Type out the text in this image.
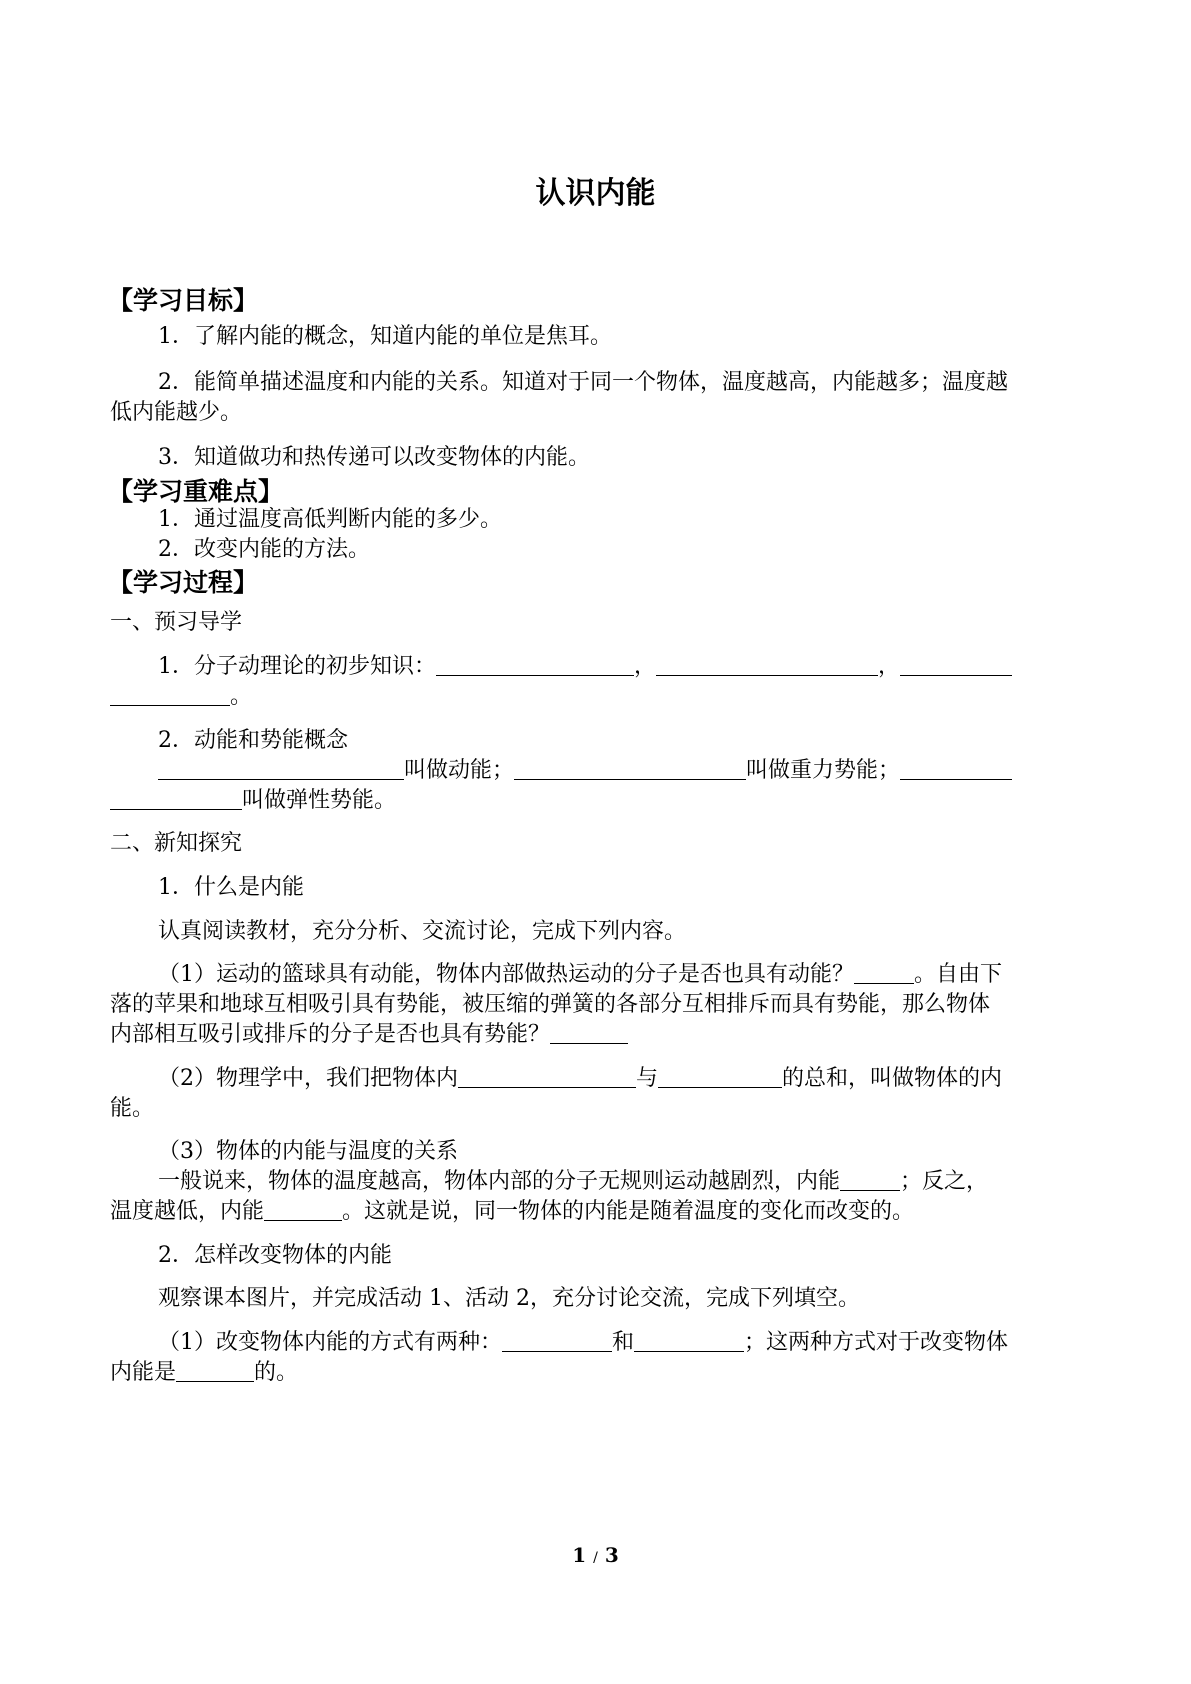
认识内能
【学习目标】
1．了解内能的概念，知道内能的单位是焦耳。
2．能简单描述温度和内能的关系。知道对于同一个物体，温度越高，内能越多；温度越
低内能越少。
3．知道做功和热传递可以改变物体的内能。
【学习重难点】
1．通过温度高低判断内能的多少。
2．改变内能的方法。
【学习过程】
一、预习导学
1．分子动理论的初步知识：	，	，
。
2．动能和势能概念
叫做动能；	叫做重力势能；
叫做弹性势能。
二、新知探究
1．什么是内能
认真阅读教材，充分分析、交流讨论，完成下列内容。
（1）运动的篮球具有动能，物体内部做热运动的分子是否也具有动能？	。自由下
落的苹果和地球互相吸引具有势能，被压缩的弹簧的各部分互相排斥而具有势能，那么物体
内部相互吸引或排斥的分子是否也具有势能？
（2）物理学中，我们把物体内	与	的总和，叫做物体的内
能。
（3）物体的内能与温度的关系
一般说来，物体的温度越高，物体内部的分子无规则运动越剧烈，内能	；反之，
温度越低，内能	。这就是说，同一物体的内能是随着温度的变化而改变的。
2．怎样改变物体的内能
观察课本图片，并完成活动 1、活动 2，充分讨论交流，完成下列填空。
（1）改变物体内能的方式有两种：	和	；这两种方式对于改变物体
内能是	的。
1 / 3
